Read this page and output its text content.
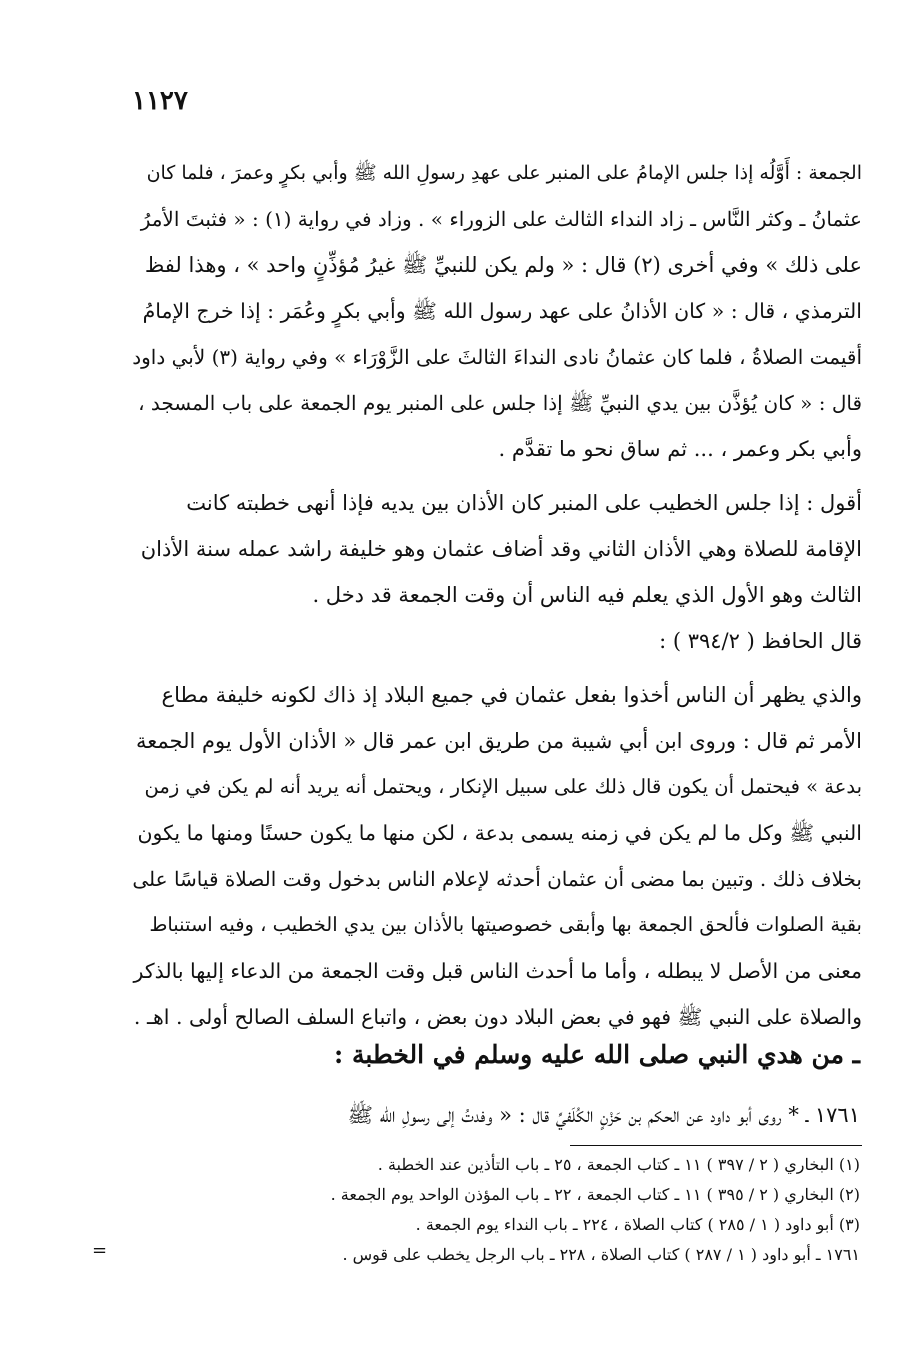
١١٢٧
الجمعة : أَوَّلُه إذا جلس الإمامُ على المنبر على عهدِ رسولِ الله ﷺ وأبي بكرٍ وعمرَ ، فلما كان
عثمانُ ـ وكثر النَّاس ـ زاد النداء الثالث على الزوراء » . وزاد في رواية (١) : « فثبتَ الأمرُ
على ذلك » وفي أخرى (٢) قال : « ولم يكن للنبيِّ ﷺ غيرُ مُؤذِّنٍ واحد » ، وهذا لفظ
الترمذي ، قال : « كان الأذانُ على عهد رسول الله ﷺ وأبي بكرٍ وعُمَر : إذا خرج الإمامُ
أقيمت الصلاةُ ، فلما كان عثمانُ نادى النداءَ الثالثَ على الزَّوْرَاء » وفي رواية (٣) لأبي داود
قال : « كان يُؤذَّن بين يدي النبيِّ ﷺ إذا جلس على المنبر يوم الجمعة على باب المسجد ،
وأبي بكر وعمر ، ... ثم ساق نحو ما تقدَّم .
أقول : إذا جلس الخطيب على المنبر كان الأذان بين يديه فإذا أنهى خطبته كانت
الإقامة للصلاة وهي الأذان الثاني وقد أضاف عثمان وهو خليفة راشد عمله سنة الأذان
الثالث وهو الأول الذي يعلم فيه الناس أن وقت الجمعة قد دخل .
قال الحافظ ( ٣٩٤/٢ ) :
والذي يظهر أن الناس أخذوا بفعل عثمان في جميع البلاد إذ ذاك لكونه خليفة مطاع
الأمر ثم قال : وروى ابن أبي شيبة من طريق ابن عمر قال « الأذان الأول يوم الجمعة
بدعة » فيحتمل أن يكون قال ذلك على سبيل الإنكار ، ويحتمل أنه يريد أنه لم يكن في زمن
النبي ﷺ وكل ما لم يكن في زمنه يسمى بدعة ، لكن منها ما يكون حسنًا ومنها ما يكون
بخلاف ذلك . وتبين بما مضى أن عثمان أحدثه لإعلام الناس بدخول وقت الصلاة قياسًا على
بقية الصلوات فألحق الجمعة بها وأبقى خصوصيتها بالأذان بين يدي الخطيب ، وفيه استنباط
معنى من الأصل لا يبطله ، وأما ما أحدث الناس قبل وقت الجمعة من الدعاء إليها بالذكر
والصلاة على النبي ﷺ فهو في بعض البلاد دون بعض ، واتباع السلف الصالح أولى . اهـ .
ـ من هدي النبي صلى الله عليه وسلم في الخطبة :
١٧٦١ ـ * روى أبو داود عن الحكم بن حَزْنٍ الكُلَفيِّ قال : « وفدتُ إلى رسولِ الله ﷺ
(١) البخاري ( ٢ / ٣٩٧ ) ١١ ـ كتاب الجمعة ، ٢٥ ـ باب التأذين عند الخطبة .
(٢) البخاري ( ٢ / ٣٩٥ ) ١١ ـ كتاب الجمعة ، ٢٢ ـ باب المؤذن الواحد يوم الجمعة .
(٣) أبو داود ( ١ / ٢٨٥ ) كتاب الصلاة ، ٢٢٤ ـ باب النداء يوم الجمعة .
١٧٦١ ـ أبو داود ( ١ / ٢٨٧ ) كتاب الصلاة ، ٢٢٨ ـ باب الرجل يخطب على قوس .
=
